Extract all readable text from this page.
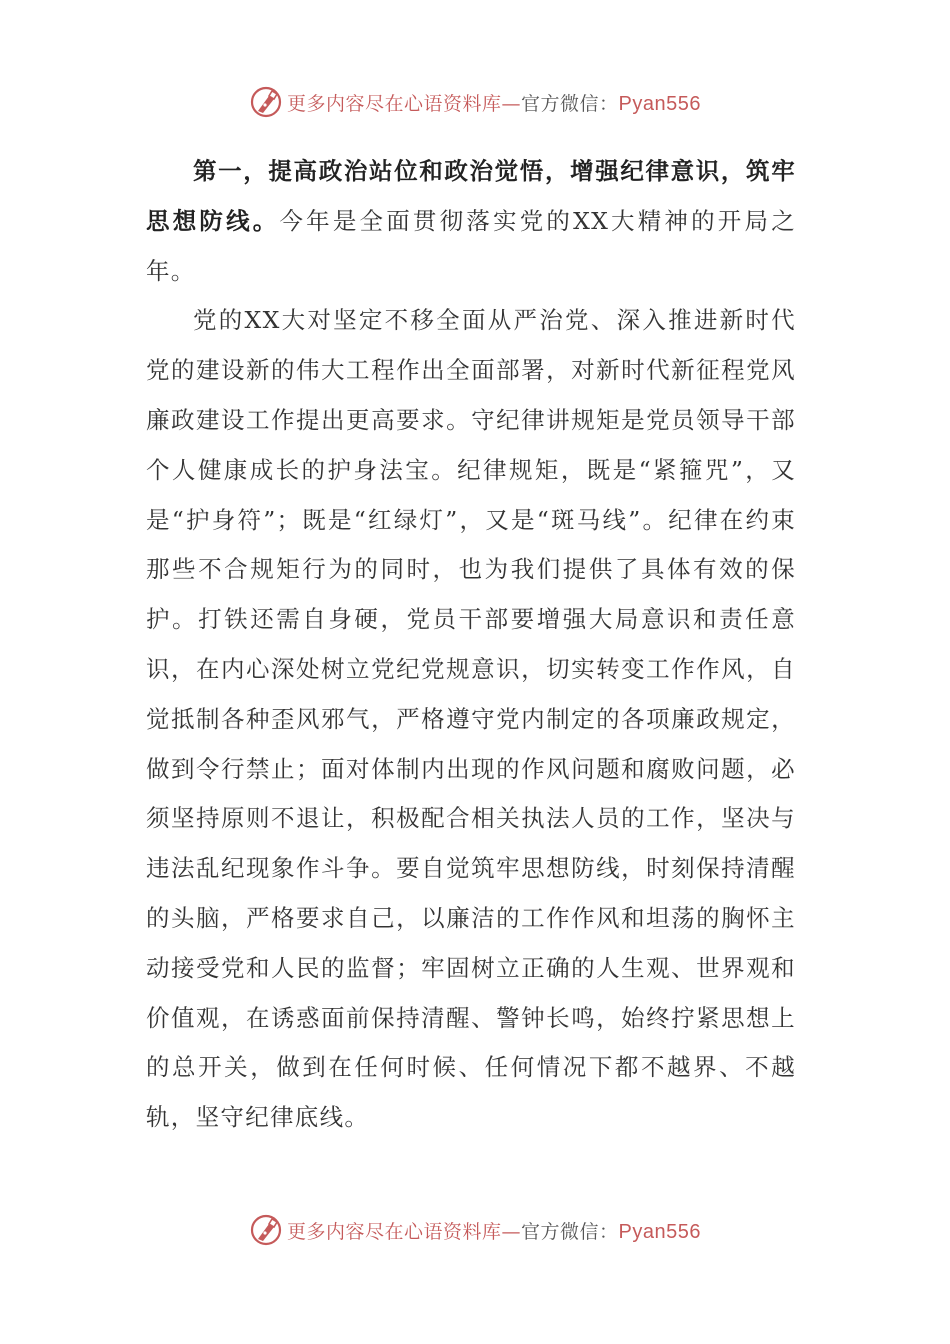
更多内容尽在心语资料库—官方微信：Pyan556

第一，提高政治站位和政治觉悟，增强纪律意识，筑牢思想防线。今年是全面贯彻落实党的XX大精神的开局之年。

党的XX大对坚定不移全面从严治党、深入推进新时代党的建设新的伟大工程作出全面部署，对新时代新征程党风廉政建设工作提出更高要求。守纪律讲规矩是党员领导干部个人健康成长的护身法宝。纪律规矩，既是“紧箍咒”，又是“护身符”；既是“红绿灯”，又是“斑马线”。纪律在约束那些不合规矩行为的同时，也为我们提供了具体有效的保护。打铁还需自身硬，党员干部要增强大局意识和责任意识，在内心深处树立党纪党规意识，切实转变工作作风，自觉抵制各种歪风邪气，严格遵守党内制定的各项廉政规定，做到令行禁止；面对体制内出现的作风问题和腐败问题，必须坚持原则不退让，积极配合相关执法人员的工作，坚决与违法乱纪现象作斗争。要自觉筑牢思想防线，时刻保持清醒的头脑，严格要求自己，以廉洁的工作作风和坦荡的胸怀主动接受党和人民的监督；牢固树立正确的人生观、世界观和价值观，在诱惑面前保持清醒、警钟长鸣，始终拧紧思想上的总开关，做到在任何时候、任何情况下都不越界、不越轨，坚守纪律底线。

更多内容尽在心语资料库—官方微信：Pyan556
